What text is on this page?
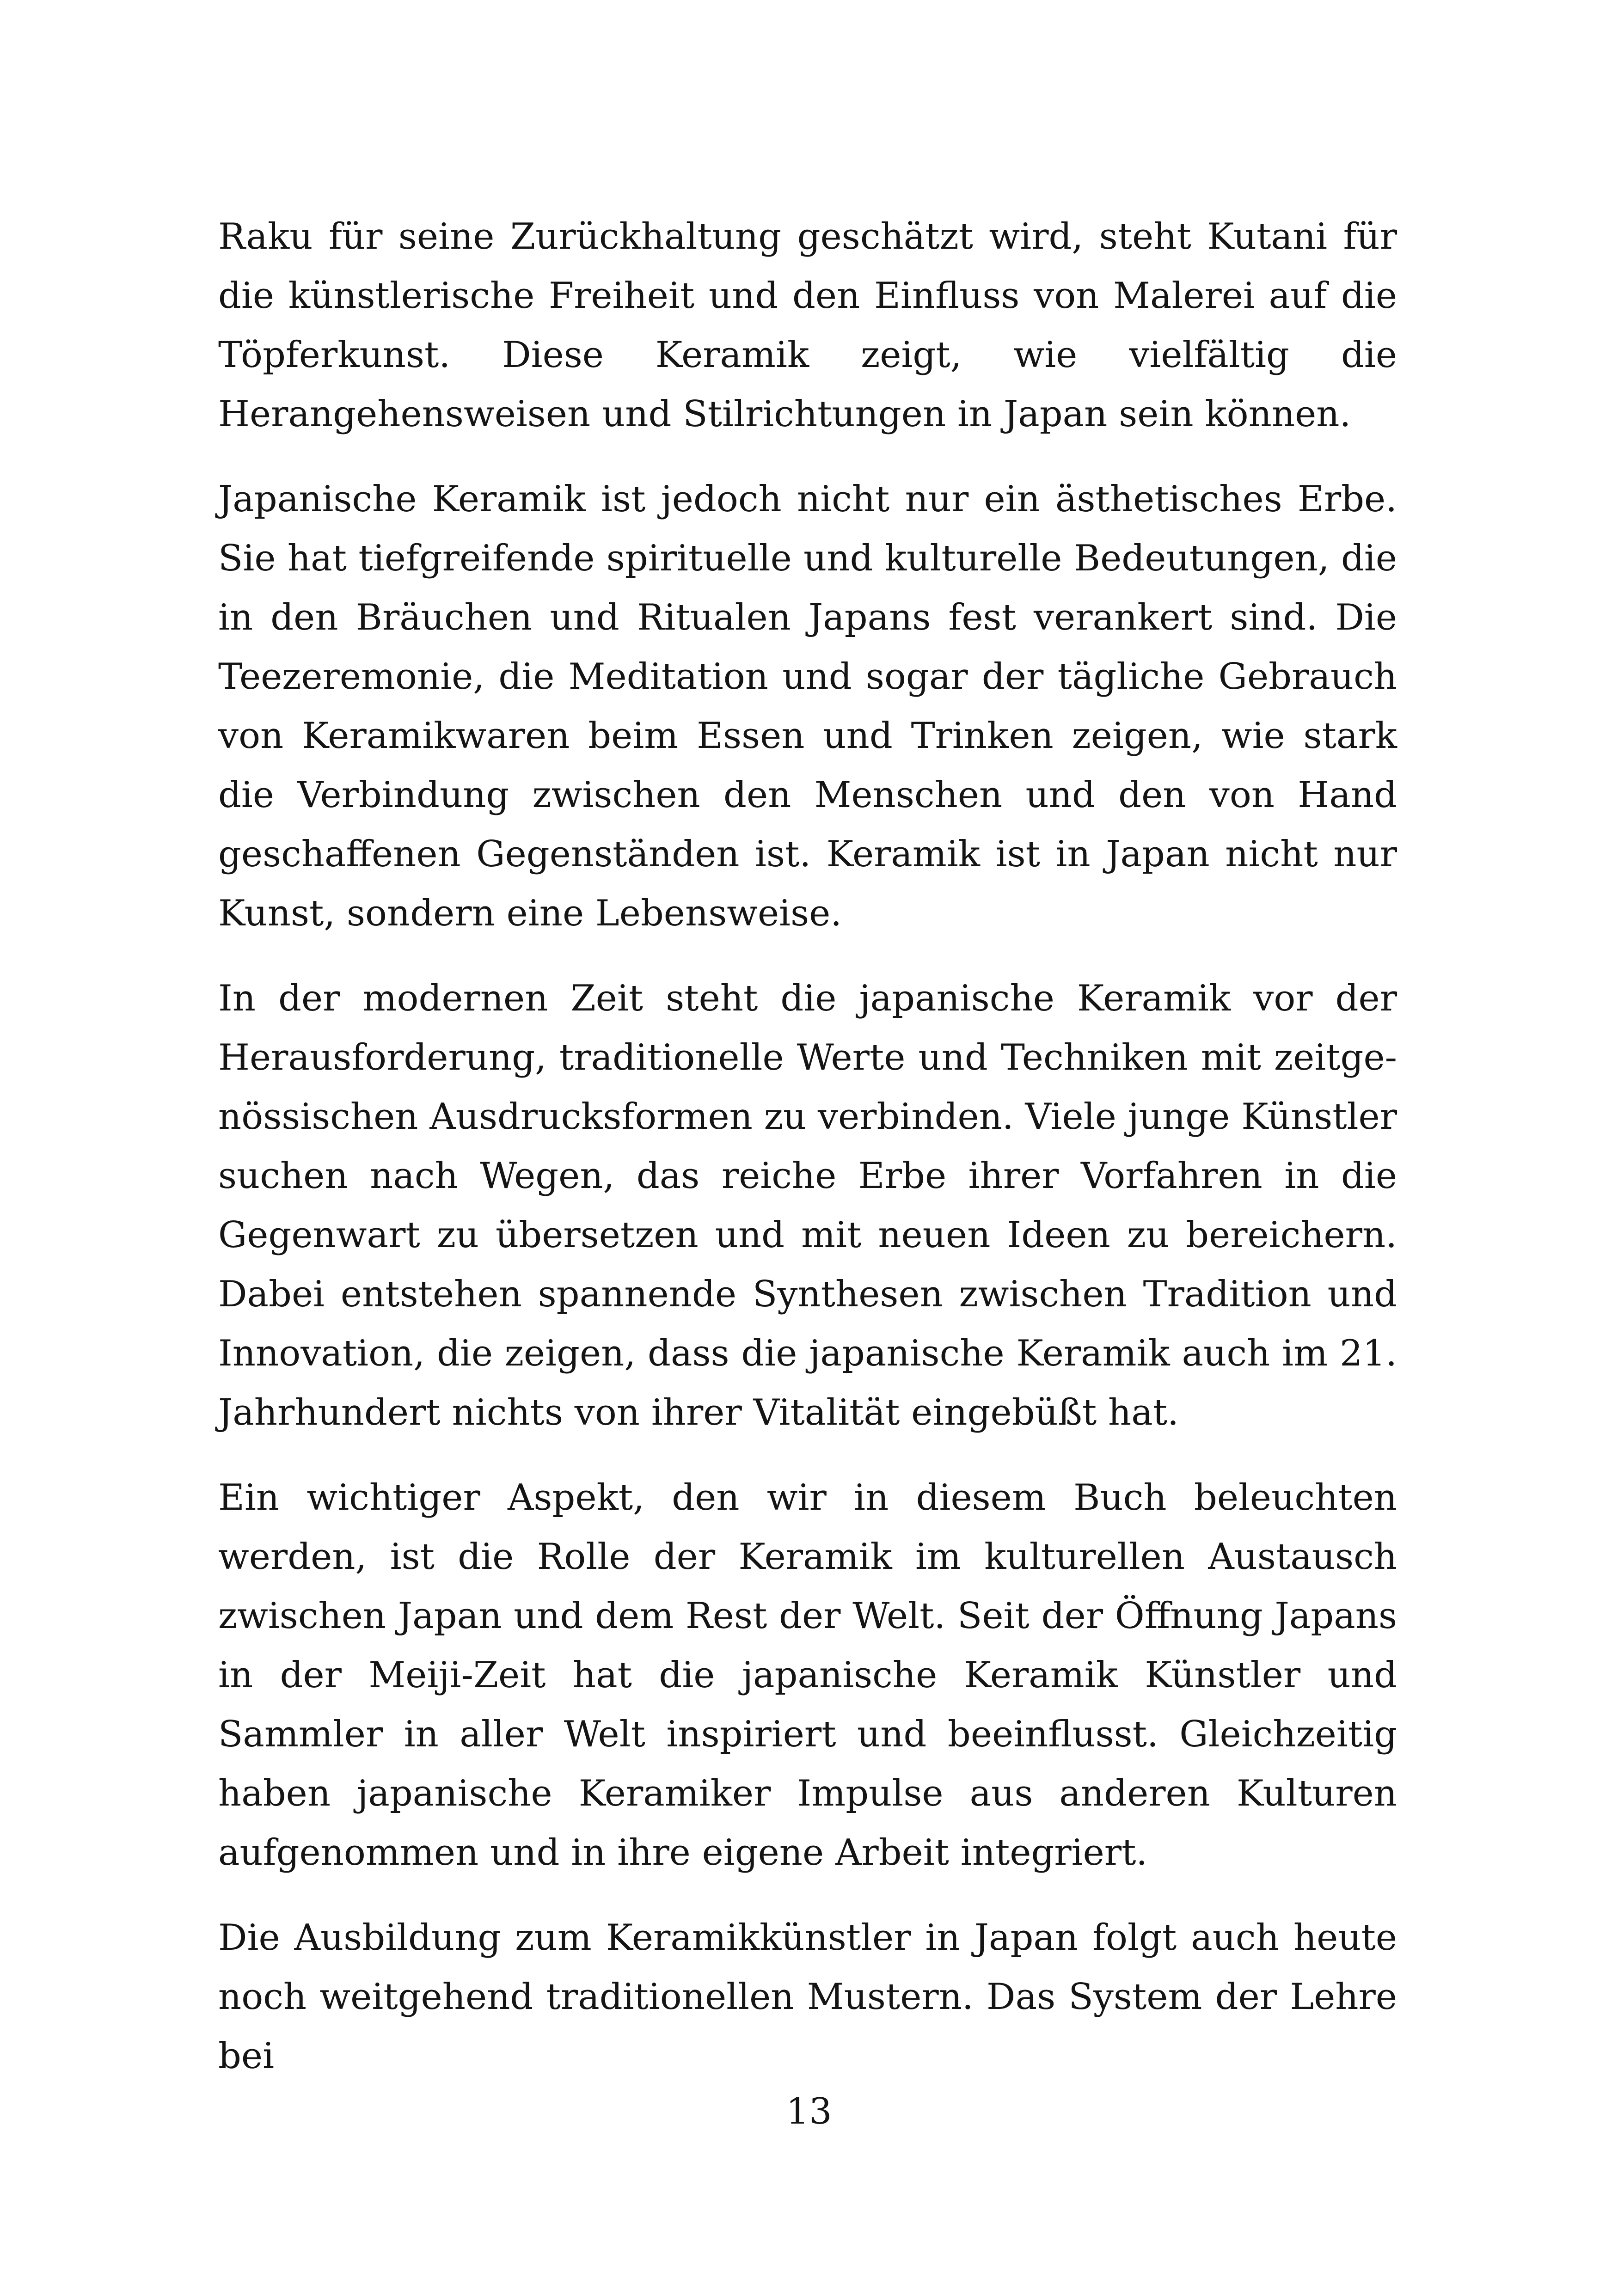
Raku für seine Zurückhaltung geschätzt wird, steht Kutani für die künstlerische Freiheit und den Einfluss von Malerei auf die Töpferkunst. Diese Keramik zeigt, wie vielfältig die Herangehensweisen und Stilrichtungen in Japan sein können.

Japanische Keramik ist jedoch nicht nur ein ästhetisches Erbe. Sie hat tiefgreifende spirituelle und kulturelle Bedeutungen, die in den Bräuchen und Ritualen Japans fest verankert sind. Die Teezeremonie, die Meditation und sogar der tägliche Gebrauch von Keramikwaren beim Essen und Trinken zeigen, wie stark die Verbindung zwischen den Menschen und den von Hand geschaffenen Gegenständen ist. Keramik ist in Japan nicht nur Kunst, sondern eine Lebensweise.

In der modernen Zeit steht die japanische Keramik vor der Herausforderung, traditionelle Werte und Techniken mit zeitgenössischen Ausdrucksformen zu verbinden. Viele junge Künstler suchen nach Wegen, das reiche Erbe ihrer Vorfahren in die Gegenwart zu übersetzen und mit neuen Ideen zu bereichern. Dabei entstehen spannende Synthesen zwischen Tradition und Innovation, die zeigen, dass die japanische Keramik auch im 21. Jahrhundert nichts von ihrer Vitalität eingebüßt hat.

Ein wichtiger Aspekt, den wir in diesem Buch beleuchten werden, ist die Rolle der Keramik im kulturellen Austausch zwischen Japan und dem Rest der Welt. Seit der Öffnung Japans in der Meiji-Zeit hat die japanische Keramik Künstler und Sammler in aller Welt inspiriert und beeinflusst. Gleichzeitig haben japanische Keramiker Impulse aus anderen Kulturen aufgenommen und in ihre eigene Arbeit integriert.

Die Ausbildung zum Keramikkünstler in Japan folgt auch heute noch weitgehend traditionellen Mustern. Das System der Lehre bei

13
